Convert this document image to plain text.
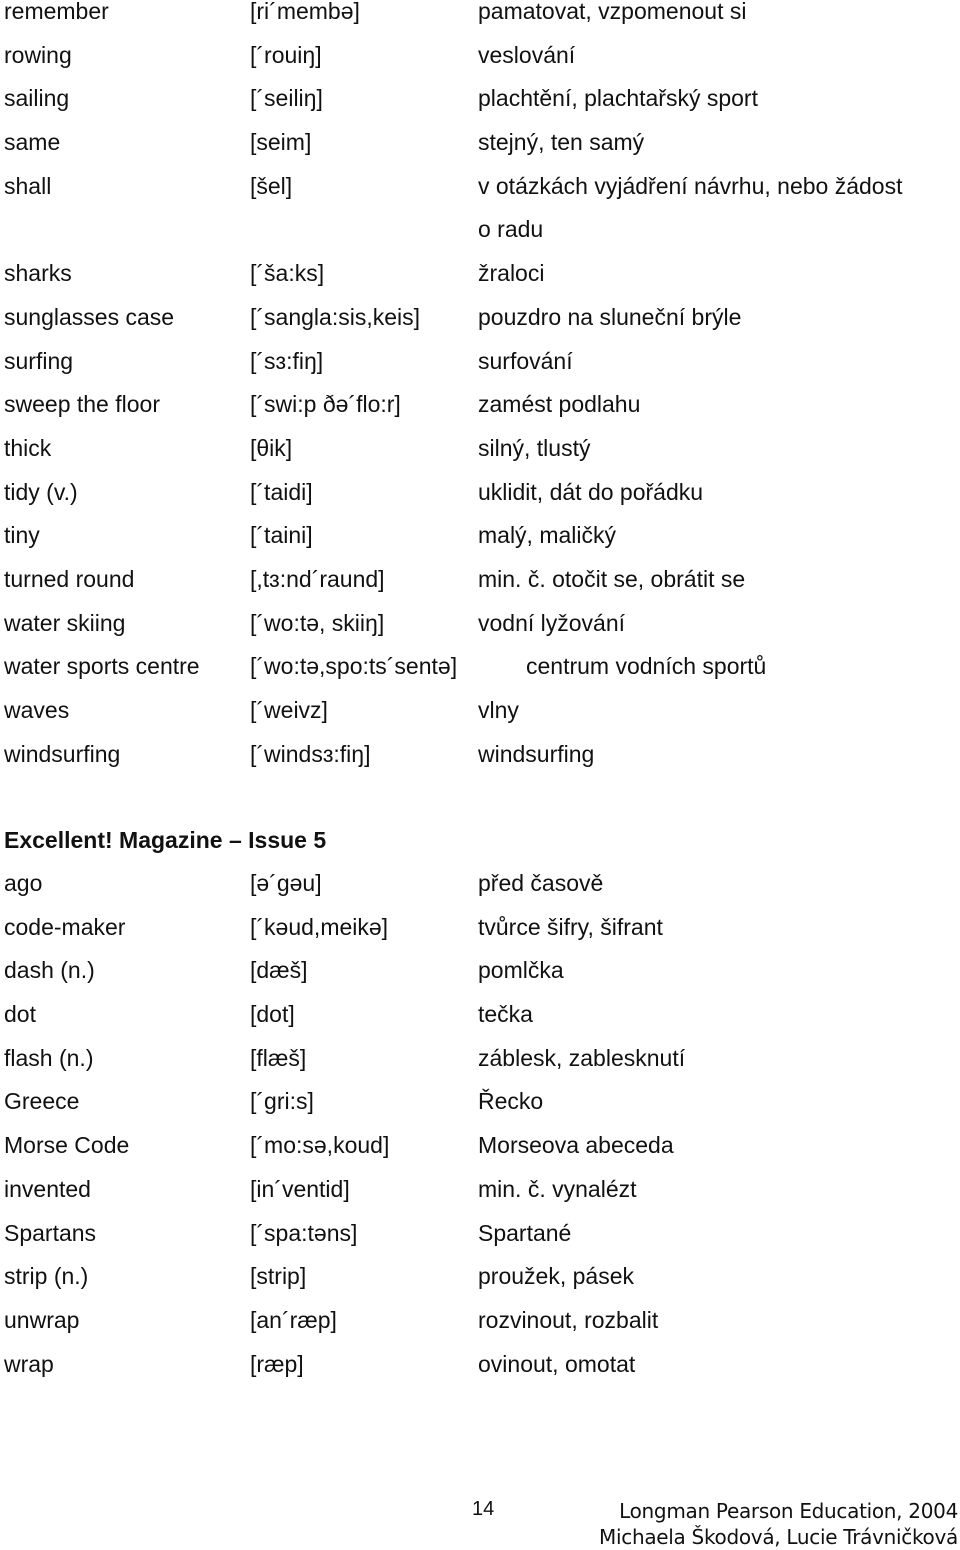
remember	[ri´membə]	pamatovat, vzpomenout si
rowing	[´rouiŋ]	veslování
sailing	[´seiliŋ]	plachtění, plachtařský sport
same	[seim]	stejný, ten samý
shall	[šel]	v otázkách vyjádření návrhu, nebo žádost
o radu
sharks	[´ša:ks]	žraloci
sunglasses case	[´sangla:sis,keis]	pouzdro na sluneční brýle
surfing	[´sɜ:fiŋ]	surfování
sweep the floor	[´swi:p ðə´flo:r]	zamést podlahu
thick	[θik]	silný, tlustý
tidy (v.)	[´taidi]	uklidit, dát do pořádku
tiny	[´taini]	malý, maličký
turned round	[,tɜ:nd´raund]	min. č. otočit se, obrátit se
water skiing	[´wo:tə, skiiŋ]	vodní lyžování
water sports centre [´wo:tə,spo:ts´sentə]	centrum vodních sportů
waves	[´weivz]	vlny
windsurfing	[´windsɜ:fiŋ]	windsurfing
Excellent! Magazine – Issue 5
ago	[ə´gəu]	před časově
code-maker	[´kəud,meikə]	tvůrce šifry, šifrant
dash (n.)	[dæš]	pomlčka
dot	[dot]	tečka
flash (n.)	[flæš]	záblesk, zablesknutí
Greece	[´gri:s]	Řecko
Morse Code	[´mo:sə,koud]	Morseova abeceda
invented	[in´ventid]	min. č. vynalézt
Spartans	[´spa:təns]	Spartané
strip (n.)	[strip]	proužek, pásek
unwrap	[an´ræp]	rozvinout, rozbalit
wrap	[ræp]	ovinout, omotat
14	Longman Pearson Education, 2004
Michaela Škodová, Lucie Trávničková
